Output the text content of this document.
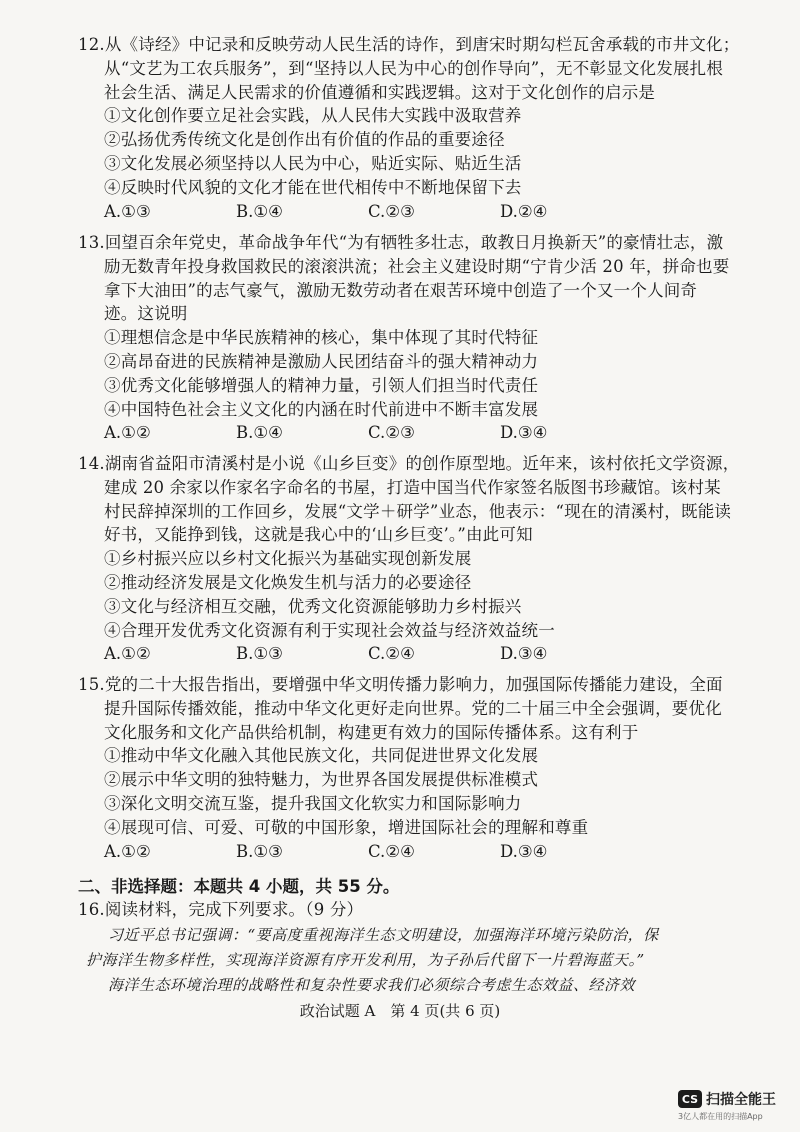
12.从《诗经》中记录和反映劳动人民生活的诗作，到唐宋时期勾栏瓦舍承载的市井文化；
从“文艺为工农兵服务”，到“坚持以人民为中心的创作导向”，无不彰显文化发展扎根
社会生活、满足人民需求的价值遵循和实践逻辑。这对于文化创作的启示是
①文化创作要立足社会实践，从人民伟大实践中汲取营养
②弘扬优秀传统文化是创作出有价值的作品的重要途径
③文化发展必须坚持以人民为中心，贴近实际、贴近生活
④反映时代风貌的文化才能在世代相传中不断地保留下去
A.①③	B.①④	C.②③	D.②④
13.回望百余年党史，革命战争年代“为有牺牲多壮志，敢教日月换新天”的豪情壮志，激
励无数青年投身救国救民的滚滚洪流；社会主义建设时期“宁肯少活 20 年，拼命也要
拿下大油田”的志气豪气，激励无数劳动者在艰苦环境中创造了一个又一个人间奇
迹。这说明
①理想信念是中华民族精神的核心，集中体现了其时代特征
②高昂奋进的民族精神是激励人民团结奋斗的强大精神动力
③优秀文化能够增强人的精神力量，引领人们担当时代责任
④中国特色社会主义文化的内涵在时代前进中不断丰富发展
A.①②	B.①④	C.②③	D.③④
14.湖南省益阳市清溪村是小说《山乡巨变》的创作原型地。近年来，该村依托文学资源，
建成 20 余家以作家名字命名的书屋，打造中国当代作家签名版图书珍藏馆。该村某
村民辞掉深圳的工作回乡，发展“文学＋研学”业态，他表示：“现在的清溪村，既能读
好书，又能挣到钱，这就是我心中的‘山乡巨变’。”由此可知
①乡村振兴应以乡村文化振兴为基础实现创新发展
②推动经济发展是文化焕发生机与活力的必要途径
③文化与经济相互交融，优秀文化资源能够助力乡村振兴
④合理开发优秀文化资源有利于实现社会效益与经济效益统一
A.①②	B.①③	C.②④	D.③④
15.党的二十大报告指出，要增强中华文明传播力影响力，加强国际传播能力建设，全面
提升国际传播效能，推动中华文化更好走向世界。党的二十届三中全会强调，要优化
文化服务和文化产品供给机制，构建更有效力的国际传播体系。这有利于
①推动中华文化融入其他民族文化，共同促进世界文化发展
②展示中华文明的独特魅力，为世界各国发展提供标准模式
③深化文明交流互鉴，提升我国文化软实力和国际影响力
④展现可信、可爱、可敬的中国形象，增进国际社会的理解和尊重
A.①②	B.①③	C.②④	D.③④
二、非选择题：本题共 4 小题，共 55 分。
16.阅读材料，完成下列要求。（9 分）
习近平总书记强调：“要高度重视海洋生态文明建设，加强海洋环境污染防治，保
护海洋生物多样性，实现海洋资源有序开发利用，为子孙后代留下一片碧海蓝天。”
海洋生态环境治理的战略性和复杂性要求我们必须综合考虑生态效益、经济效
政治试题 A　第 4 页(共 6 页)
CS 扫描全能王
3亿人都在用的扫描App
